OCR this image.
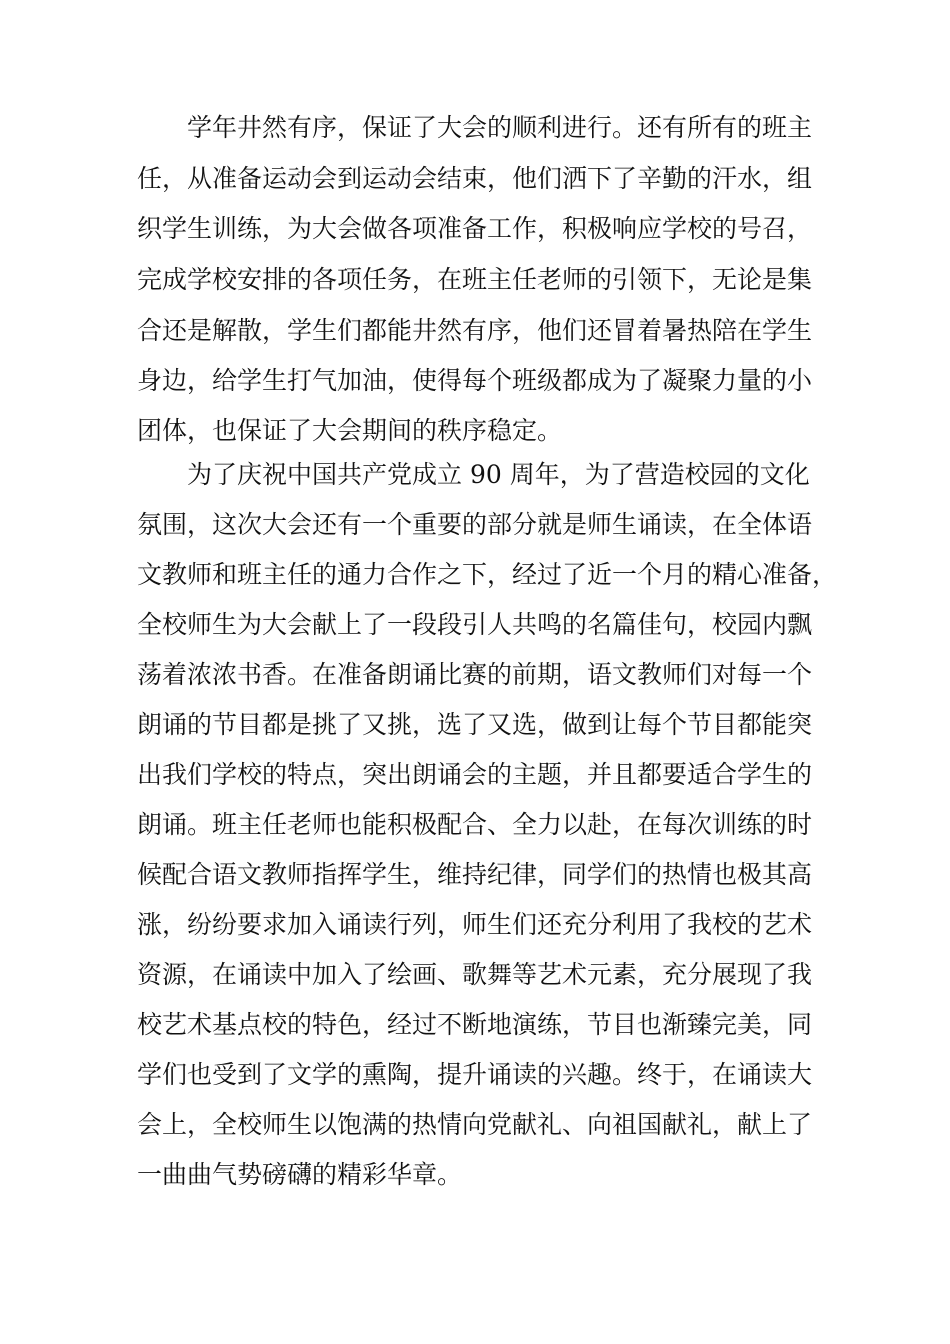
学年井然有序，保证了大会的顺利进行。还有所有的班主
任，从准备运动会到运动会结束，他们洒下了辛勤的汗水，组
织学生训练，为大会做各项准备工作，积极响应学校的号召，
完成学校安排的各项任务，在班主任老师的引领下，无论是集
合还是解散，学生们都能井然有序，他们还冒着暑热陪在学生
身边，给学生打气加油，使得每个班级都成为了凝聚力量的小
团体，也保证了大会期间的秩序稳定。
为了庆祝中国共产党成立 90 周年，为了营造校园的文化
氛围，这次大会还有一个重要的部分就是师生诵读，在全体语
文教师和班主任的通力合作之下，经过了近一个月的精心准备，
全校师生为大会献上了一段段引人共鸣的名篇佳句，校园内飘
荡着浓浓书香。在准备朗诵比赛的前期，语文教师们对每一个
朗诵的节目都是挑了又挑，选了又选，做到让每个节目都能突
出我们学校的特点，突出朗诵会的主题，并且都要适合学生的
朗诵。班主任老师也能积极配合、全力以赴，在每次训练的时
候配合语文教师指挥学生，维持纪律，同学们的热情也极其高
涨，纷纷要求加入诵读行列，师生们还充分利用了我校的艺术
资源，在诵读中加入了绘画、歌舞等艺术元素，充分展现了我
校艺术基点校的特色，经过不断地演练，节目也渐臻完美，同
学们也受到了文学的熏陶，提升诵读的兴趣。终于，在诵读大
会上，全校师生以饱满的热情向党献礼、向祖国献礼，献上了
一曲曲气势磅礴的精彩华章。
